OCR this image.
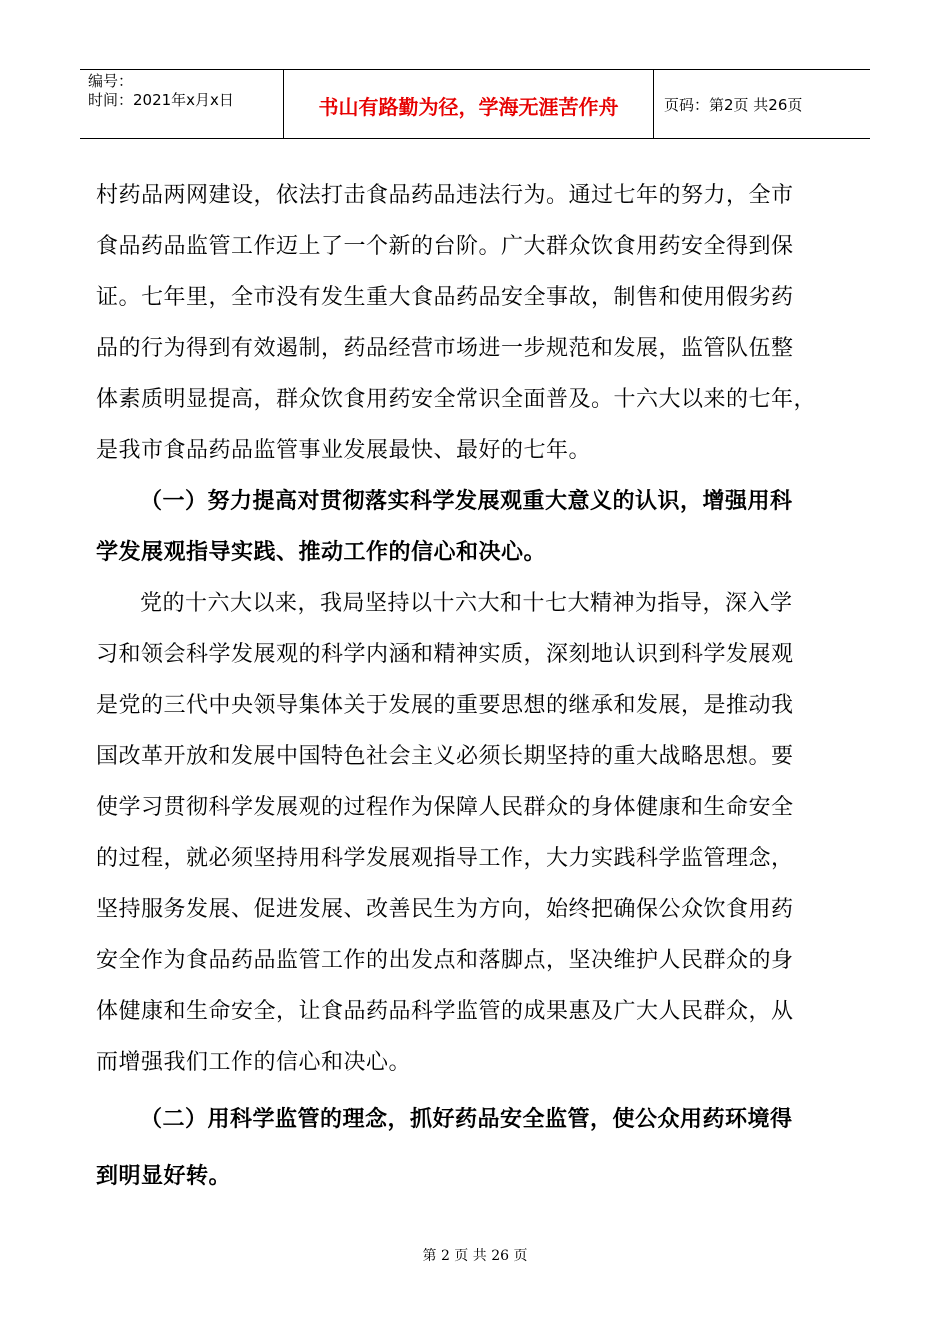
编号：
时间：2021年x月x日	书山有路勤为径，学海无涯苦作舟	页码：第2页 共26页
村药品两网建设，依法打击食品药品违法行为。通过七年的努力，全市
食品药品监管工作迈上了一个新的台阶。广大群众饮食用药安全得到保
证。七年里，全市没有发生重大食品药品安全事故，制售和使用假劣药
品的行为得到有效遏制，药品经营市场进一步规范和发展，监管队伍整
体素质明显提高，群众饮食用药安全常识全面普及。十六大以来的七年，
是我市食品药品监管事业发展最快、最好的七年。
（一）努力提高对贯彻落实科学发展观重大意义的认识，增强用科
学发展观指导实践、推动工作的信心和决心。
党的十六大以来，我局坚持以十六大和十七大精神为指导，深入学
习和领会科学发展观的科学内涵和精神实质，深刻地认识到科学发展观
是党的三代中央领导集体关于发展的重要思想的继承和发展，是推动我
国改革开放和发展中国特色社会主义必须长期坚持的重大战略思想。要
使学习贯彻科学发展观的过程作为保障人民群众的身体健康和生命安全
的过程，就必须坚持用科学发展观指导工作，大力实践科学监管理念，
坚持服务发展、促进发展、改善民生为方向，始终把确保公众饮食用药
安全作为食品药品监管工作的出发点和落脚点，坚决维护人民群众的身
体健康和生命安全，让食品药品科学监管的成果惠及广大人民群众，从
而增强我们工作的信心和决心。
（二）用科学监管的理念，抓好药品安全监管，使公众用药环境得
到明显好转。
第 2 页 共 26 页
